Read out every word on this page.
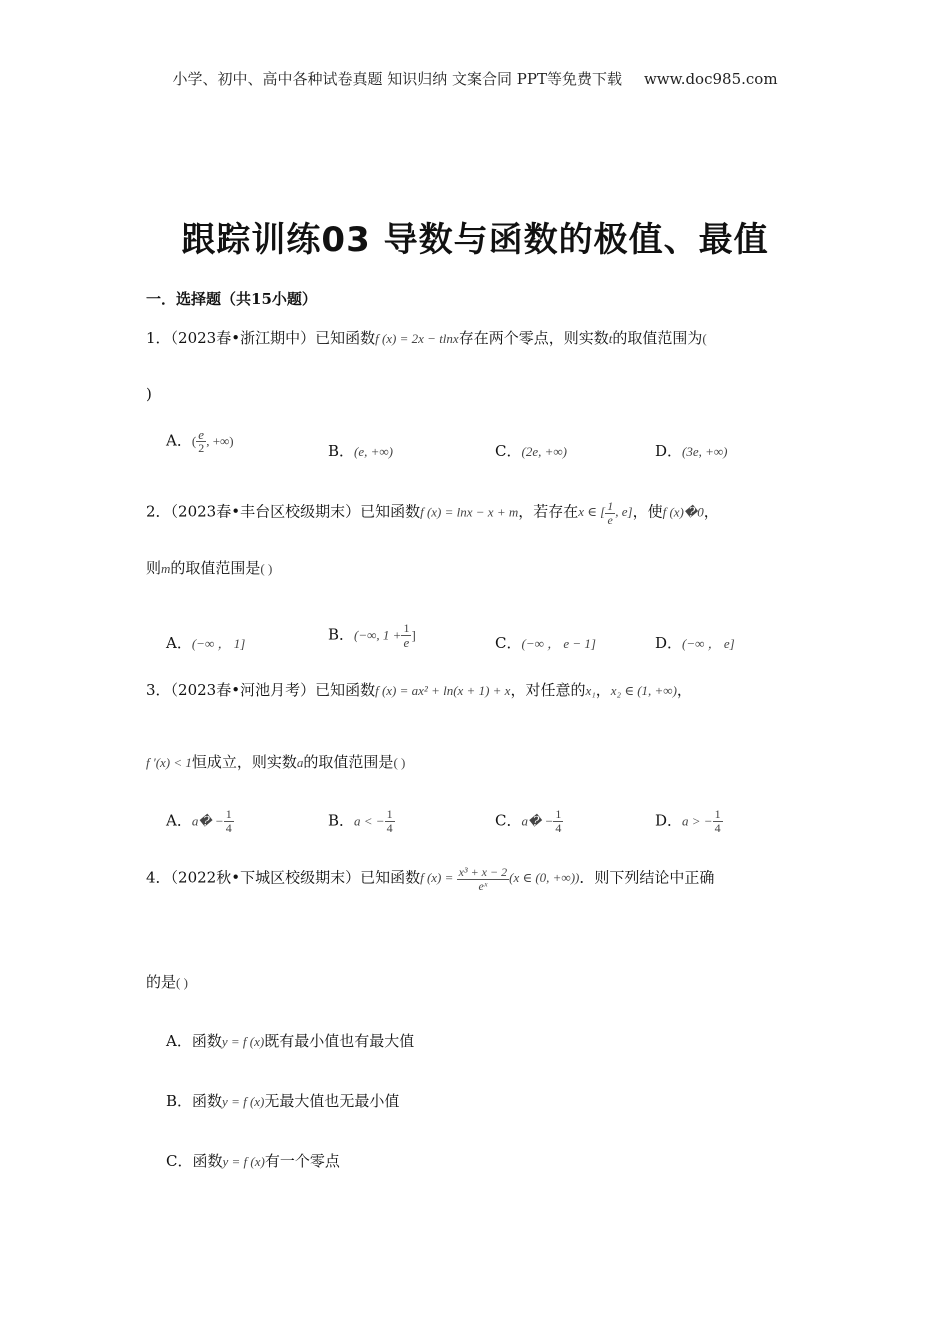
小学、初中、高中各种试卷真题 知识归纳 文案合同 PPT等免费下载 www.doc985.com
跟踪训练03 导数与函数的极值、最值
一．选择题（共15小题）
1．（2023春•浙江期中）已知函数f (x) = 2x − tlnx存在两个零点，则实数t的取值范围为(
)
A．( $\frac{e}{2}$ , +∞)
B．(e, +∞)	C．(2e, +∞)	D．(3e, +∞)
2．（2023春•丰台区校级期末）已知函数f (x) = lnx − x + m，若存在x ∈ [ $\frac{1}{e}$ , e]，使f (x)�0，
则m的取值范围是( )
A．(−∞ ， 1]	B．(−∞, $1 + \frac{1}{e}$ ]	C．(−∞ ， e − 1]	D．(−∞ ， e]
3．（2023春•河池月考）已知函数f (x) = ax² + ln(x + 1) + x，对任意的x₁，x₂ ∈ (1, +∞)，
f ′(x) < 1恒成立，则实数a的取值范围是( )
A．a� − $\frac{1}{4}$	B．a < − $\frac{1}{4}$	C．a� − $\frac{1}{4}$	D．a > − $\frac{1}{4}$
4．（2022秋•下城区校级期末）已知函数f $(x) = \frac{\text{x³ + x − 2}}{\text{eˣ}} (x$ ∈ (0, +∞))．则下列结论中正确
的是( )
A．函数y = f (x)既有最小值也有最大值
B．函数y = f (x)无最大值也无最小值
C．函数y = f (x)有一个零点
